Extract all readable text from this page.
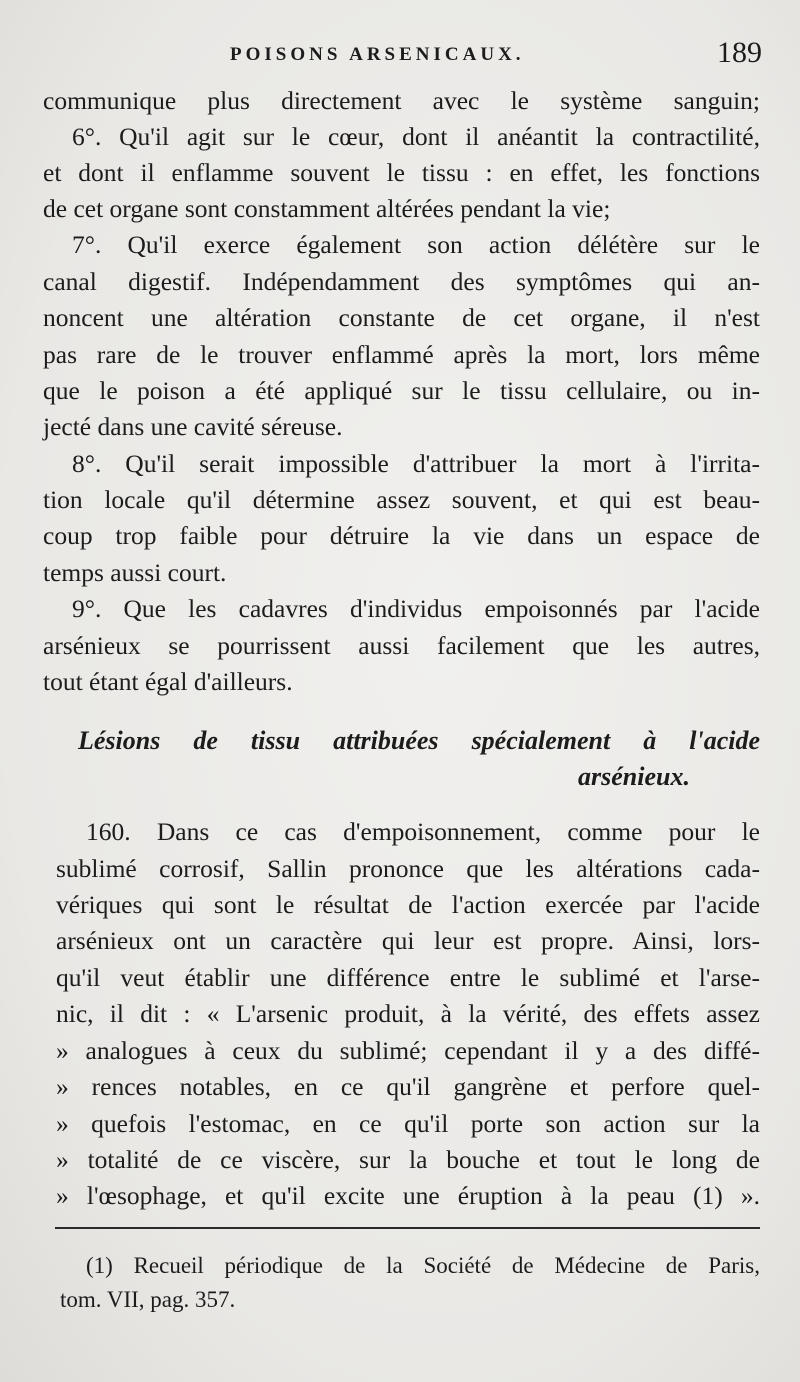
POISONS ARSENICAUX.	189
communique plus directement avec le système sanguin;
6°. Qu'il agit sur le cœur, dont il anéantit la contractilité,
et dont il enflamme souvent le tissu : en effet, les fonctions
de cet organe sont constamment altérées pendant la vie;
7°. Qu'il exerce également son action délétère sur le
canal digestif. Indépendamment des symptômes qui an-
noncent une altération constante de cet organe, il n'est
pas rare de le trouver enflammé après la mort, lors même
que le poison a été appliqué sur le tissu cellulaire, ou in-
jecté dans une cavité séreuse.
8°. Qu'il serait impossible d'attribuer la mort à l'irrita-
tion locale qu'il détermine assez souvent, et qui est beau-
coup trop faible pour détruire la vie dans un espace de
temps aussi court.
9°. Que les cadavres d'individus empoisonnés par l'acide
arsénieux se pourrissent aussi facilement que les autres,
tout étant égal d'ailleurs.
Lésions de tissu attribuées spécialement à l'acide
arsénieux.
160. Dans ce cas d'empoisonnement, comme pour le
sublimé corrosif, Sallin prononce que les altérations cada-
vériques qui sont le résultat de l'action exercée par l'acide
arsénieux ont un caractère qui leur est propre. Ainsi, lors-
qu'il veut établir une différence entre le sublimé et l'arse-
nic, il dit : « L'arsenic produit, à la vérité, des effets assez
» analogues à ceux du sublimé; cependant il y a des diffé-
» rences notables, en ce qu'il gangrène et perfore quel-
» quefois l'estomac, en ce qu'il porte son action sur la
» totalité de ce viscère, sur la bouche et tout le long de
» l'œsophage, et qu'il excite une éruption à la peau (1) ».
(1) Recueil périodique de la Société de Médecine de Paris,
tom. VII, pag. 357.
